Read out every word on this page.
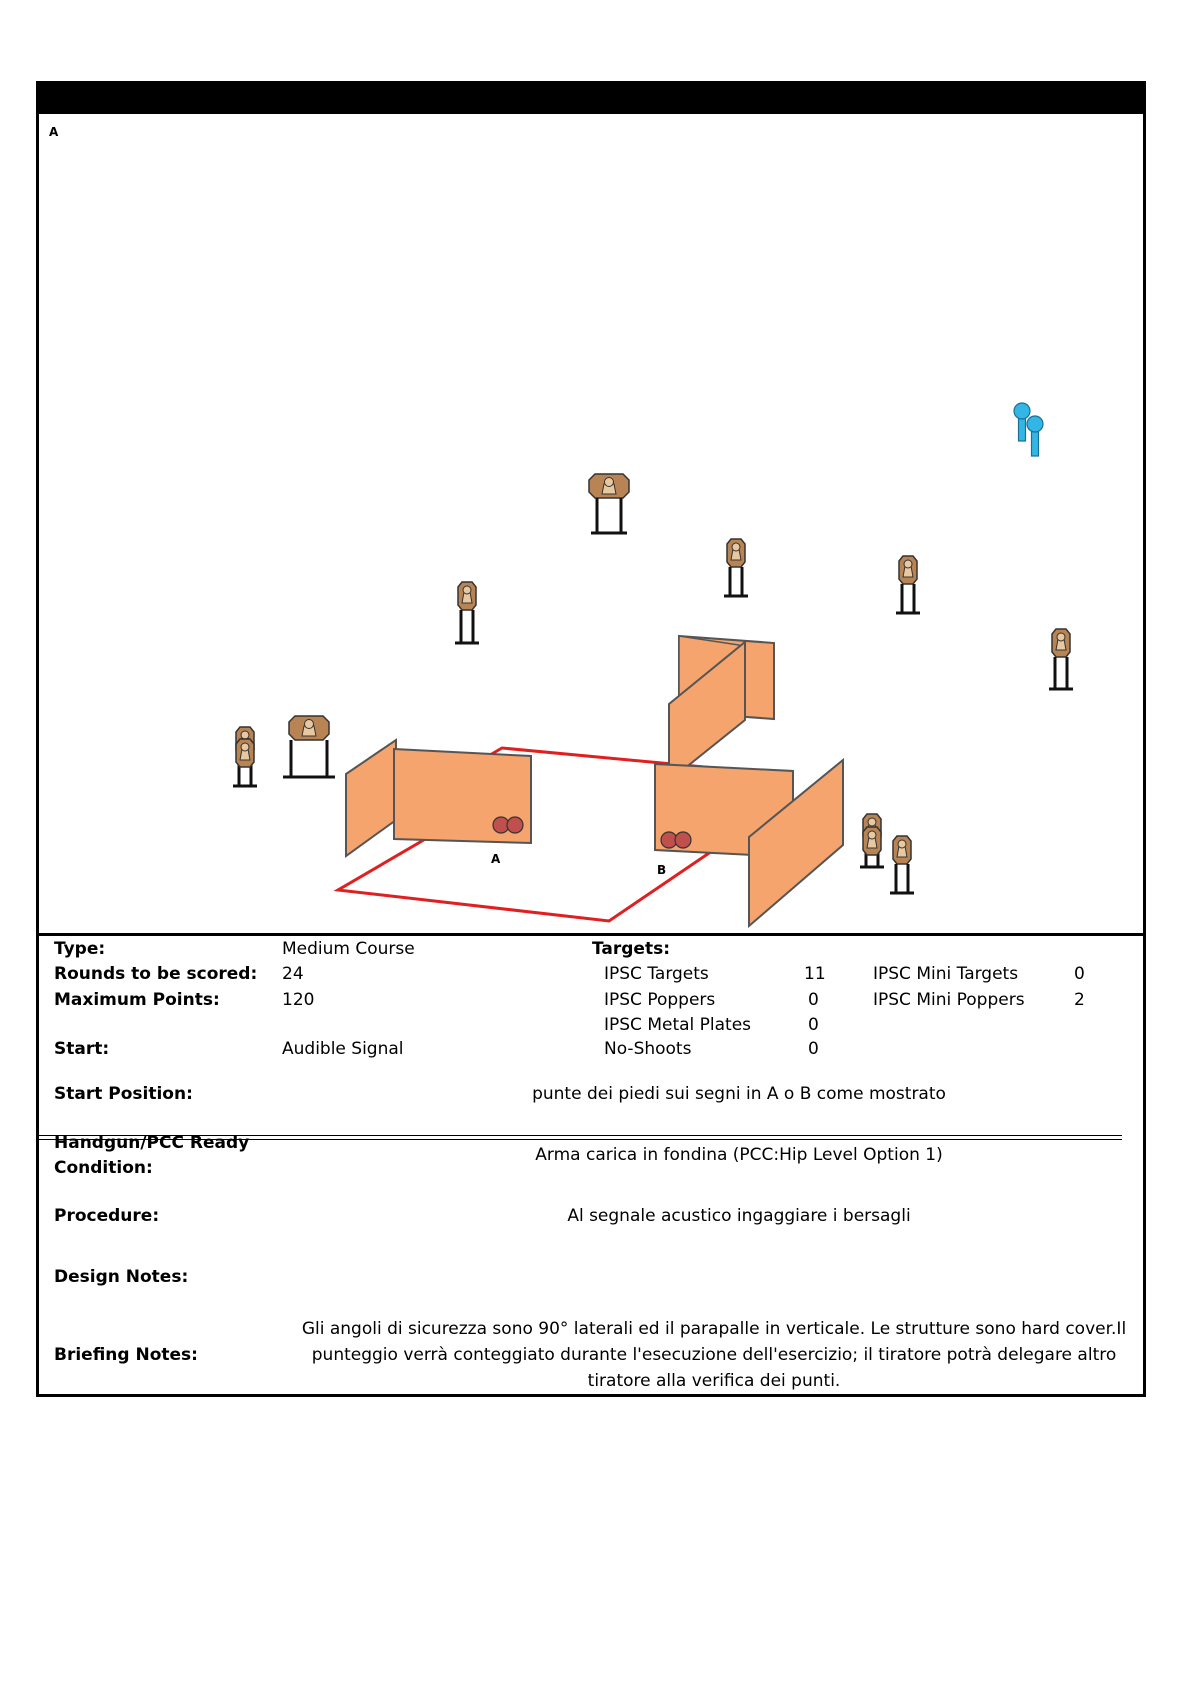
A
A
B
Type:	Medium Course
Rounds to be scored: 24
Maximum Points:	120
Start:	Audible Signal
Targets:
IPSC Targets	11
IPSC Poppers	0
IPSC Metal Plates	0
No-Shoots	0
IPSC Mini Targets	0
IPSC Mini Poppers	2
Start Position:	punte dei piedi sui segni in A o B come mostrato
Handgun/PCC Ready
Condition:
Arma carica in fondina (PCC:Hip Level Option 1)
Procedure:	Al segnale acustico ingaggiare i bersagli
Design Notes:
Briefing Notes:
Gli angoli di sicurezza sono 90° laterali ed il parapalle in verticale. Le strutture sono hard cover.Il
punteggio verrà conteggiato durante l'esecuzione dell'esercizio; il tiratore potrà delegare altro
tiratore alla verifica dei punti.
